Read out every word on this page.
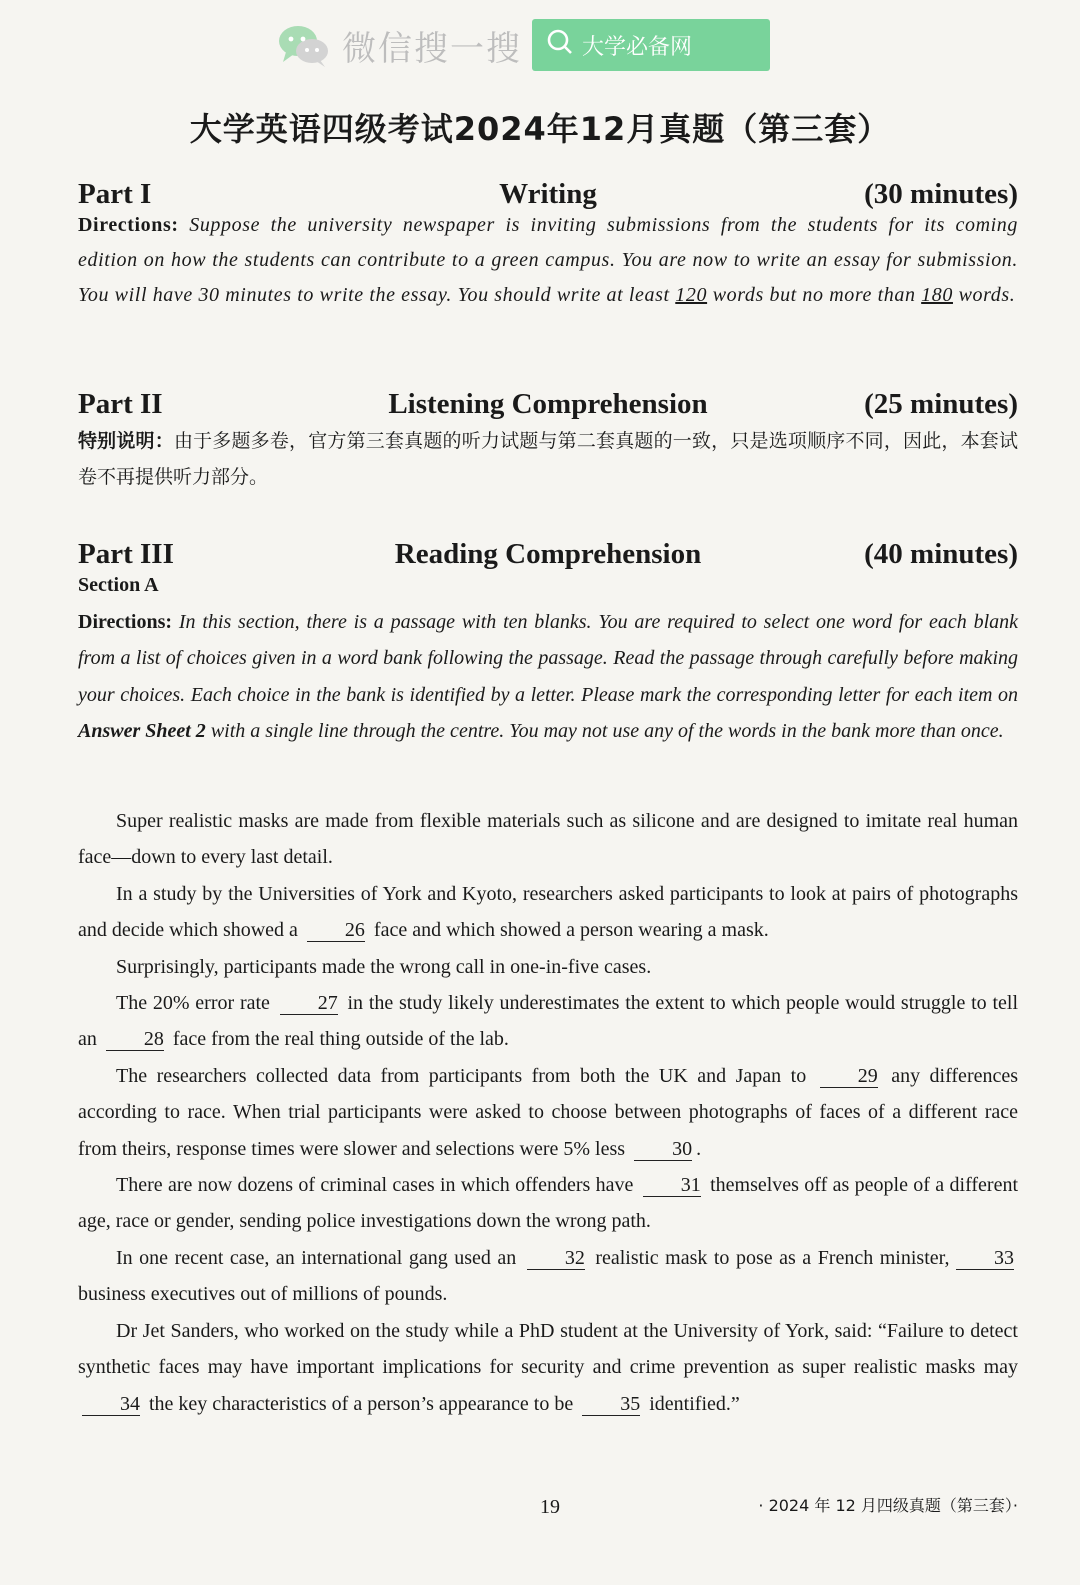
微信搜一搜	大学必备网
大学英语四级考试2024年12月真题（第三套）
Writing
Part I	(30 minutes)
Directions: Suppose the university newspaper is inviting submissions from the students for its coming edition on how the students can contribute to a green campus. You are now to write an essay for submission. You will have 30 minutes to write the essay. You should write at least 120 words but no more than 180 words.
Listening Comprehension
Part II	(25 minutes)
特别说明：由于多题多卷，官方第三套真题的听力试题与第二套真题的一致，只是选项顺序不同，因此，本套试卷不再提供听力部分。
Reading Comprehension
Part III	(40 minutes)
Section A
Directions: In this section, there is a passage with ten blanks. You are required to select one word for each blank from a list of choices given in a word bank following the passage. Read the passage through carefully before making your choices. Each choice in the bank is identified by a letter. Please mark the corresponding letter for each item on Answer Sheet 2 with a single line through the centre. You may not use any of the words in the bank more than once.

Super realistic masks are made from flexible materials such as silicone and are designed to imitate real human face—down to every last detail.

In a study by the Universities of York and Kyoto, researchers asked participants to look at pairs of photographs and decide which showed a 26 face and which showed a person wearing a mask.

Surprisingly, participants made the wrong call in one-in-five cases.

The 20% error rate 27 in the study likely underestimates the extent to which people would struggle to tell an 28 face from the real thing outside of the lab.

The researchers collected data from participants from both the UK and Japan to	29 any differences according to race. When trial participants were asked to choose between photographs of faces of a different race from theirs, response times were slower and selections were 5% less 30 .

There are now dozens of criminal cases in which offenders have 31 themselves off as people of a different age, race or gender, sending police investigations down the wrong path.

In one recent case, an international gang used an 32 realistic mask to pose as a French minister, 33 business executives out of millions of pounds.

Dr Jet Sanders, who worked on the study while a PhD student at the University of York, said: “Failure to detect synthetic faces may have important implications for security and crime prevention as super realistic masks may 34 the key characteristics of a person’s appearance to be 35 identified.”

19	· 2024 年 12 月四级真题（第三套）·
